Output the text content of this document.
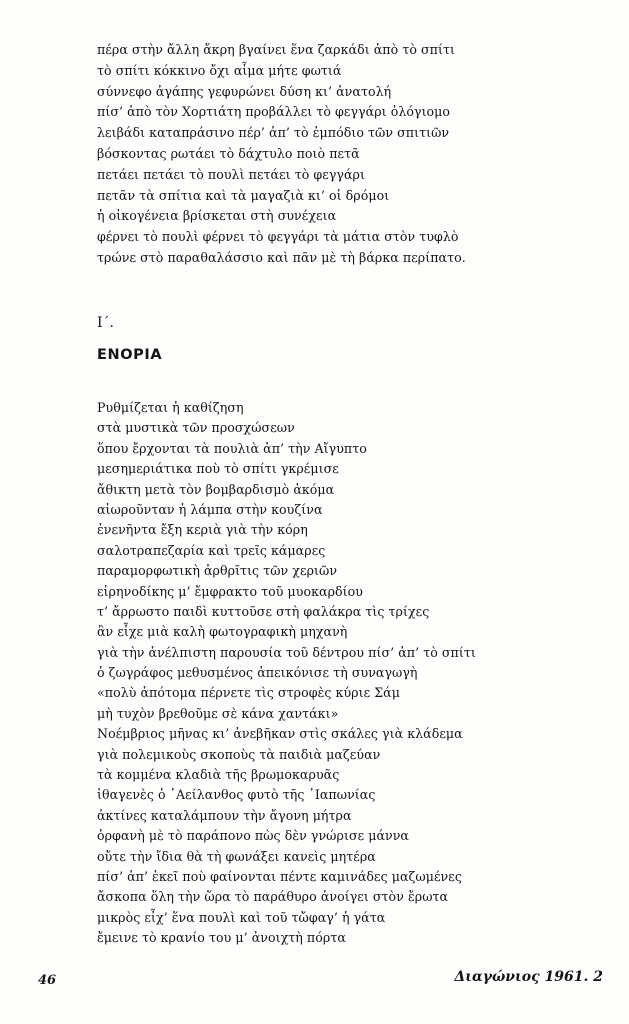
πέρα στὴν ἄλλη ἄκρη βγαίνει ἕνα ζαρκάδι ἀπὸ τὸ σπίτι
τὸ σπίτι κόκκινο ὄχι αἷμα μήτε φωτιά
σύννεφο ἀγάπης γεφυρώνει δύση κι’ ἀνατολή
πίσ’ ἀπὸ τὸν Χορτιάτη προβάλλει τὸ φεγγάρι ὁλόγιομο
λειβάδι καταπράσινο πέρ’ ἀπ’ τὸ ἐμπόδιο τῶν σπιτιῶν
βόσκοντας ρωτάει τὸ δάχτυλο ποιὸ πετᾶ
πετάει πετάει τὸ πουλὶ πετάει τὸ φεγγάρι
πετᾶν τὰ σπίτια καὶ τὰ μαγαζιὰ κι’ οἱ δρόμοι
ἡ οἰκογένεια βρίσκεται στὴ συνέχεια
φέρνει τὸ πουλὶ φέρνει τὸ φεγγάρι τὰ μάτια στὸν τυφλὸ
τρώνε στὸ παραθαλάσσιο καὶ πᾶν μὲ τὴ βάρκα περίπατο.
Ι΄.
ΕΝΟΡΙΑ
Ρυθμίζεται ἡ καθίζηση
στὰ μυστικὰ τῶν προσχώσεων
ὅπου ἔρχονται τὰ πουλιὰ ἀπ’ τὴν Αἴγυπτο
μεσημεριάτικα ποὺ τὸ σπίτι γκρέμισε
ἄθικτη μετὰ τὸν βομβαρδισμὸ ἀκόμα
αἰωροῦνταν ἡ λάμπα στὴν κουζίνα
ἐνενῆντα ἔξη κεριὰ γιὰ τὴν κόρη
σαλοτραπεζαρία καὶ τρεῖς κάμαρες
παραμορφωτικὴ ἀρθρῖτις τῶν χεριῶν
εἰρηνοδίκης μ’ ἔμφρακτο τοῦ μυοκαρδίου
τ’ ἄρρωστο παιδὶ κυττοῦσε στὴ φαλάκρα τὶς τρίχες
ἂν εἶχε μιὰ καλὴ φωτογραφικὴ μηχανὴ
γιὰ τὴν ἀνέλπιστη παρουσία τοῦ δέντρου πίσ’ ἀπ’ τὸ σπίτι
ὁ ζωγράφος μεθυσμένος ἀπεικόνισε τὴ συναγωγὴ
«πολὺ ἀπότομα πέρνετε τὶς στροφὲς κύριε Σάμ
μὴ τυχὸν βρεθοῦμε σὲ κάνα χαντάκι»
Νοέμβριος μῆνας κι’ ἀνεβῆκαν στὶς σκάλες γιὰ κλάδεμα
γιὰ πολεμικοὺς σκοποὺς τὰ παιδιὰ μαζεύαν
τὰ κομμένα κλαδιὰ τῆς βρωμοκαρυᾶς
ἰθαγενὲς ὁ ᾽Αείλανθος φυτὸ τῆς ᾽Ιαπωνίας
ἀκτίνες καταλάμπουν τὴν ἄγονη μήτρα
ὀρφανὴ μὲ τὸ παράπονο πὼς δὲν γνώρισε μάννα
οὔτε τὴν ἴδια θὰ τὴ φωνάξει κανεὶς μητέρα
πίσ’ ἀπ’ ἐκεῖ ποὺ φαίνονται πέντε καμινάδες μαζωμένες
ἄσκοπα ὅλη τὴν ὥρα τὸ παράθυρο ἀνοίγει στὸν ἔρωτα
μικρὸς εἶχ’ ἕνα πουλὶ καὶ τοῦ τὤφαγ’ ἡ γάτα
ἔμεινε τὸ κρανίο του μ’ ἀνοιχτὴ πόρτα
46	Διαγώνιος 1961. 2
